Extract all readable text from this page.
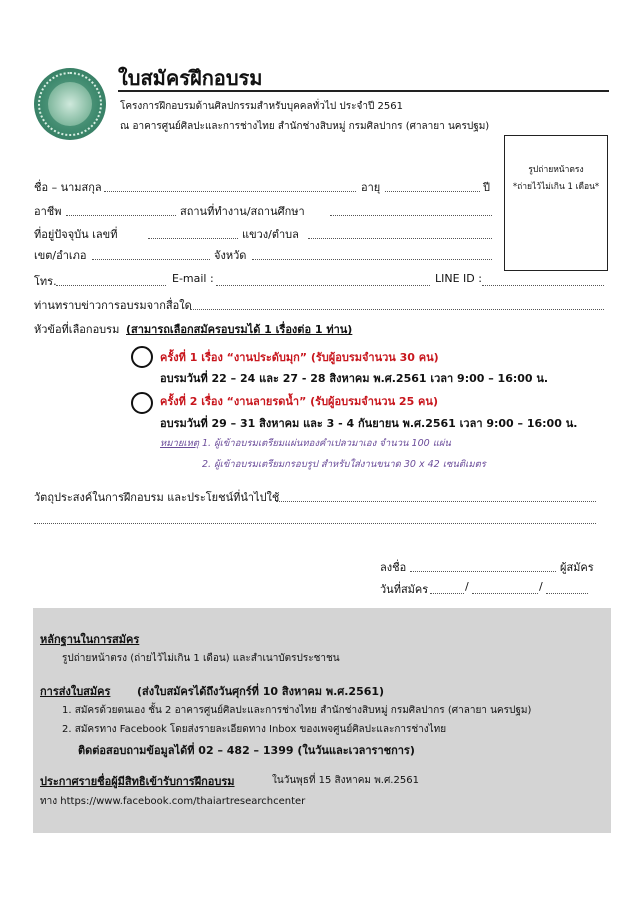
ใบสมัครฝึกอบรม
โครงการฝึกอบรมด้านศิลปกรรมสำหรับบุคคลทั่วไป ประจำปี 2561
ณ อาคารศูนย์ศิลปะและการช่างไทย สำนักช่างสิบหมู่ กรมศิลปากร (ศาลายา นครปฐม)
รูปถ่ายหน้าตรง
*ถ่ายไว้ไม่เกิน 1 เดือน*
ชื่อ – นามสกุล	อายุ	ปี
อาชีพ	สถานที่ทำงาน/สถานศึกษา
ที่อยู่ปัจจุบัน เลขที่	แขวง/ตำบล
เขต/อำเภอ	จังหวัด
โทร.	E-mail :	LINE ID :
ท่านทราบข่าวการอบรมจากสื่อใด
หัวข้อที่เลือกอบรม (สามารถเลือกสมัครอบรมได้ 1 เรื่องต่อ 1 ท่าน)
ครั้งที่ 1 เรื่อง “งานประดับมุก” (รับผู้อบรมจำนวน 30 คน)
อบรมวันที่ 22 – 24 และ 27 - 28 สิงหาคม พ.ศ.2561 เวลา 9:00 – 16:00 น.
ครั้งที่ 2 เรื่อง “งานลายรดน้ำ” (รับผู้อบรมจำนวน 25 คน)
อบรมวันที่ 29 – 31 สิงหาคม และ 3 - 4 กันยายน พ.ศ.2561 เวลา 9:00 – 16:00 น.
หมายเหตุ 1. ผู้เข้าอบรมเตรียมแผ่นทองคำเปลวมาเอง จำนวน 100 แผ่น
2. ผู้เข้าอบรมเตรียมกรอบรูป สำหรับใส่งานขนาด 30 x 42 เซนติเมตร
วัตถุประสงค์ในการฝึกอบรม และประโยชน์ที่นำไปใช้
ลงชื่อ	ผู้สมัคร
วันที่สมัคร	/	/
หลักฐานในการสมัคร
รูปถ่ายหน้าตรง (ถ่ายไว้ไม่เกิน 1 เดือน) และสำเนาบัตรประชาชน
การส่งใบสมัคร (ส่งใบสมัครได้ถึงวันศุกร์ที่ 10 สิงหาคม พ.ศ.2561)
1. สมัครด้วยตนเอง ชั้น 2 อาคารศูนย์ศิลปะและการช่างไทย สำนักช่างสิบหมู่ กรมศิลปากร (ศาลายา นครปฐม)
2. สมัครทาง Facebook โดยส่งรายละเอียดทาง Inbox ของเพจศูนย์ศิลปะและการช่างไทย
ติดต่อสอบถามข้อมูลได้ที่ 02 – 482 – 1399 (ในวันและเวลาราชการ)
ประกาศรายชื่อผู้มีสิทธิเข้ารับการฝึกอบรม	ในวันพุธที่ 15 สิงหาคม พ.ศ.2561
ทาง https://www.facebook.com/thaiartresearchcenter
